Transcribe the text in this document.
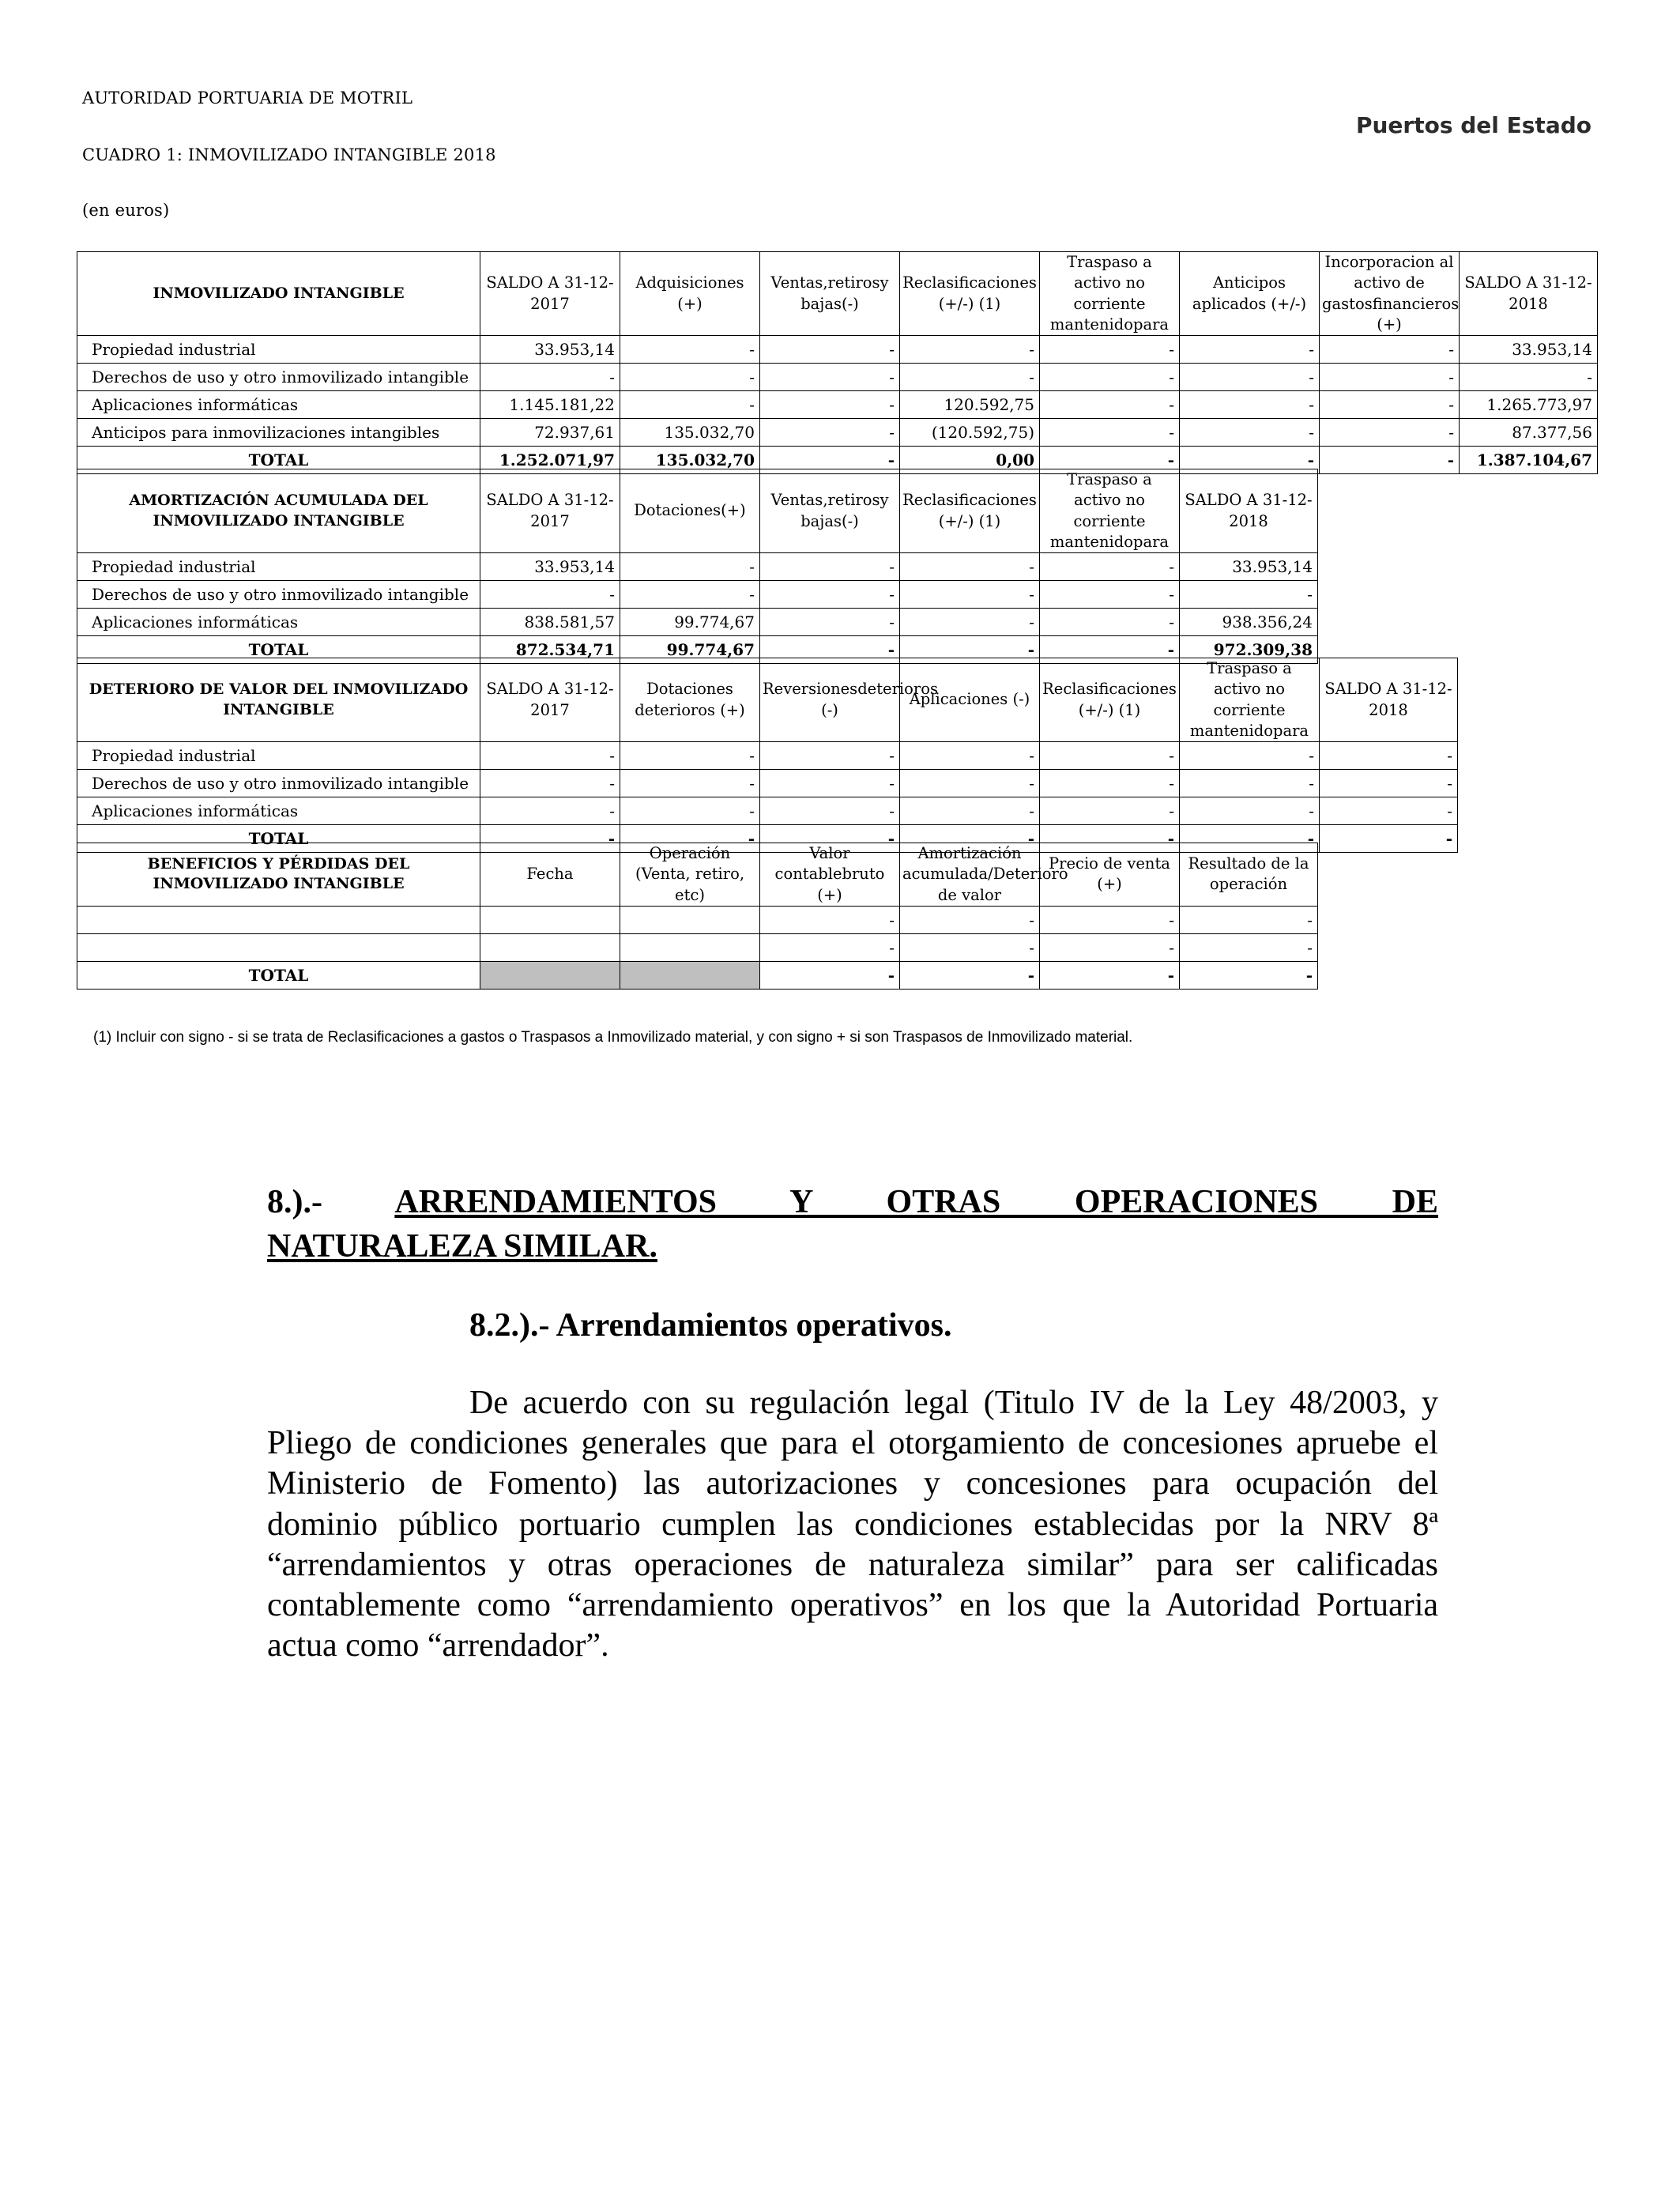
AUTORIDAD PORTUARIA DE MOTRIL
CUADRO 1: INMOVILIZADO INTANGIBLE 2018
(en euros)
Puertos del Estado
INMOVILIZADO INTANGIBLE	SALDO A 31-12-2017	Adquisiciones (+)	Ventas,retirosy bajas(-)	Reclasificaciones (+/-) (1)	Traspaso a activo no corriente mantenidopara	Anticipos aplicados (+/-)	Incorporacion al activo de gastosfinancieros (+)	SALDO A 31-12-2018
Propiedad industrial	33.953,14	-	-	-	-	-	-	33.953,14
Derechos de uso y otro inmovilizado intangible	-	-	-	-	-	-	-	-
Aplicaciones informáticas	1.145.181,22	-	-	120.592,75	-	-	-	1.265.773,97
Anticipos para inmovilizaciones intangibles	72.937,61	135.032,70	-	(120.592,75)	-	-	-	87.377,56
TOTAL	1.252.071,97	135.032,70	-	0,00	-	-	-	1.387.104,67
AMORTIZACIÓN ACUMULADA DEL INMOVILIZADO INTANGIBLE	SALDO A 31-12-2017	Dotaciones(+)	Ventas,retirosy bajas(-)	Reclasificaciones (+/-) (1)	Traspaso a activo no corriente mantenidopara	SALDO A 31-12-2018
Propiedad industrial	33.953,14	-	-	-	-	33.953,14
Derechos de uso y otro inmovilizado intangible	-	-	-	-	-	-
Aplicaciones informáticas	838.581,57	99.774,67	-	-	-	938.356,24
TOTAL	872.534,71	99.774,67	-	-	-	972.309,38
DETERIORO DE VALOR DEL INMOVILIZADO INTANGIBLE	SALDO A 31-12-2017	Dotaciones deterioros (+)	Reversionesdeterioros (-)	Aplicaciones (-)	Reclasificaciones (+/-) (1)	Traspaso a activo no corriente mantenidopara	SALDO A 31-12-2018
Propiedad industrial	-	-	-	-	-	-	-
Derechos de uso y otro inmovilizado intangible	-	-	-	-	-	-	-
Aplicaciones informáticas	-	-	-	-	-	-	-
TOTAL	-	-	-	-	-	-	-
BENEFICIOS Y PÉRDIDAS DEL INMOVILIZADO INTANGIBLE	Fecha	Operación (Venta, retiro, etc)	Valor contablebruto (+)	Amortización acumulada/Deterioro de valor	Precio de venta (+)	Resultado de la operación
			-	-	-	-
			-	-	-	-
TOTAL			-	-	-	-
(1) Incluir con signo - si se trata de Reclasificaciones a gastos o Traspasos a Inmovilizado material, y con signo + si son Traspasos de Inmovilizado material.
8.).- ARRENDAMIENTOS Y OTRAS OPERACIONES DE
NATURALEZA SIMILAR.
8.2.).- Arrendamientos operativos.
De acuerdo con su regulación legal (Titulo IV de la Ley 48/2003, y
Pliego de condiciones generales que para el otorgamiento de concesiones apruebe el
Ministerio de Fomento) las autorizaciones y concesiones para ocupación del
dominio público portuario cumplen las condiciones establecidas por la NRV 8ª
“arrendamientos y otras operaciones de naturaleza similar” para ser calificadas
contablemente como “arrendamiento operativos” en los que la Autoridad Portuaria
actua como “arrendador”.
